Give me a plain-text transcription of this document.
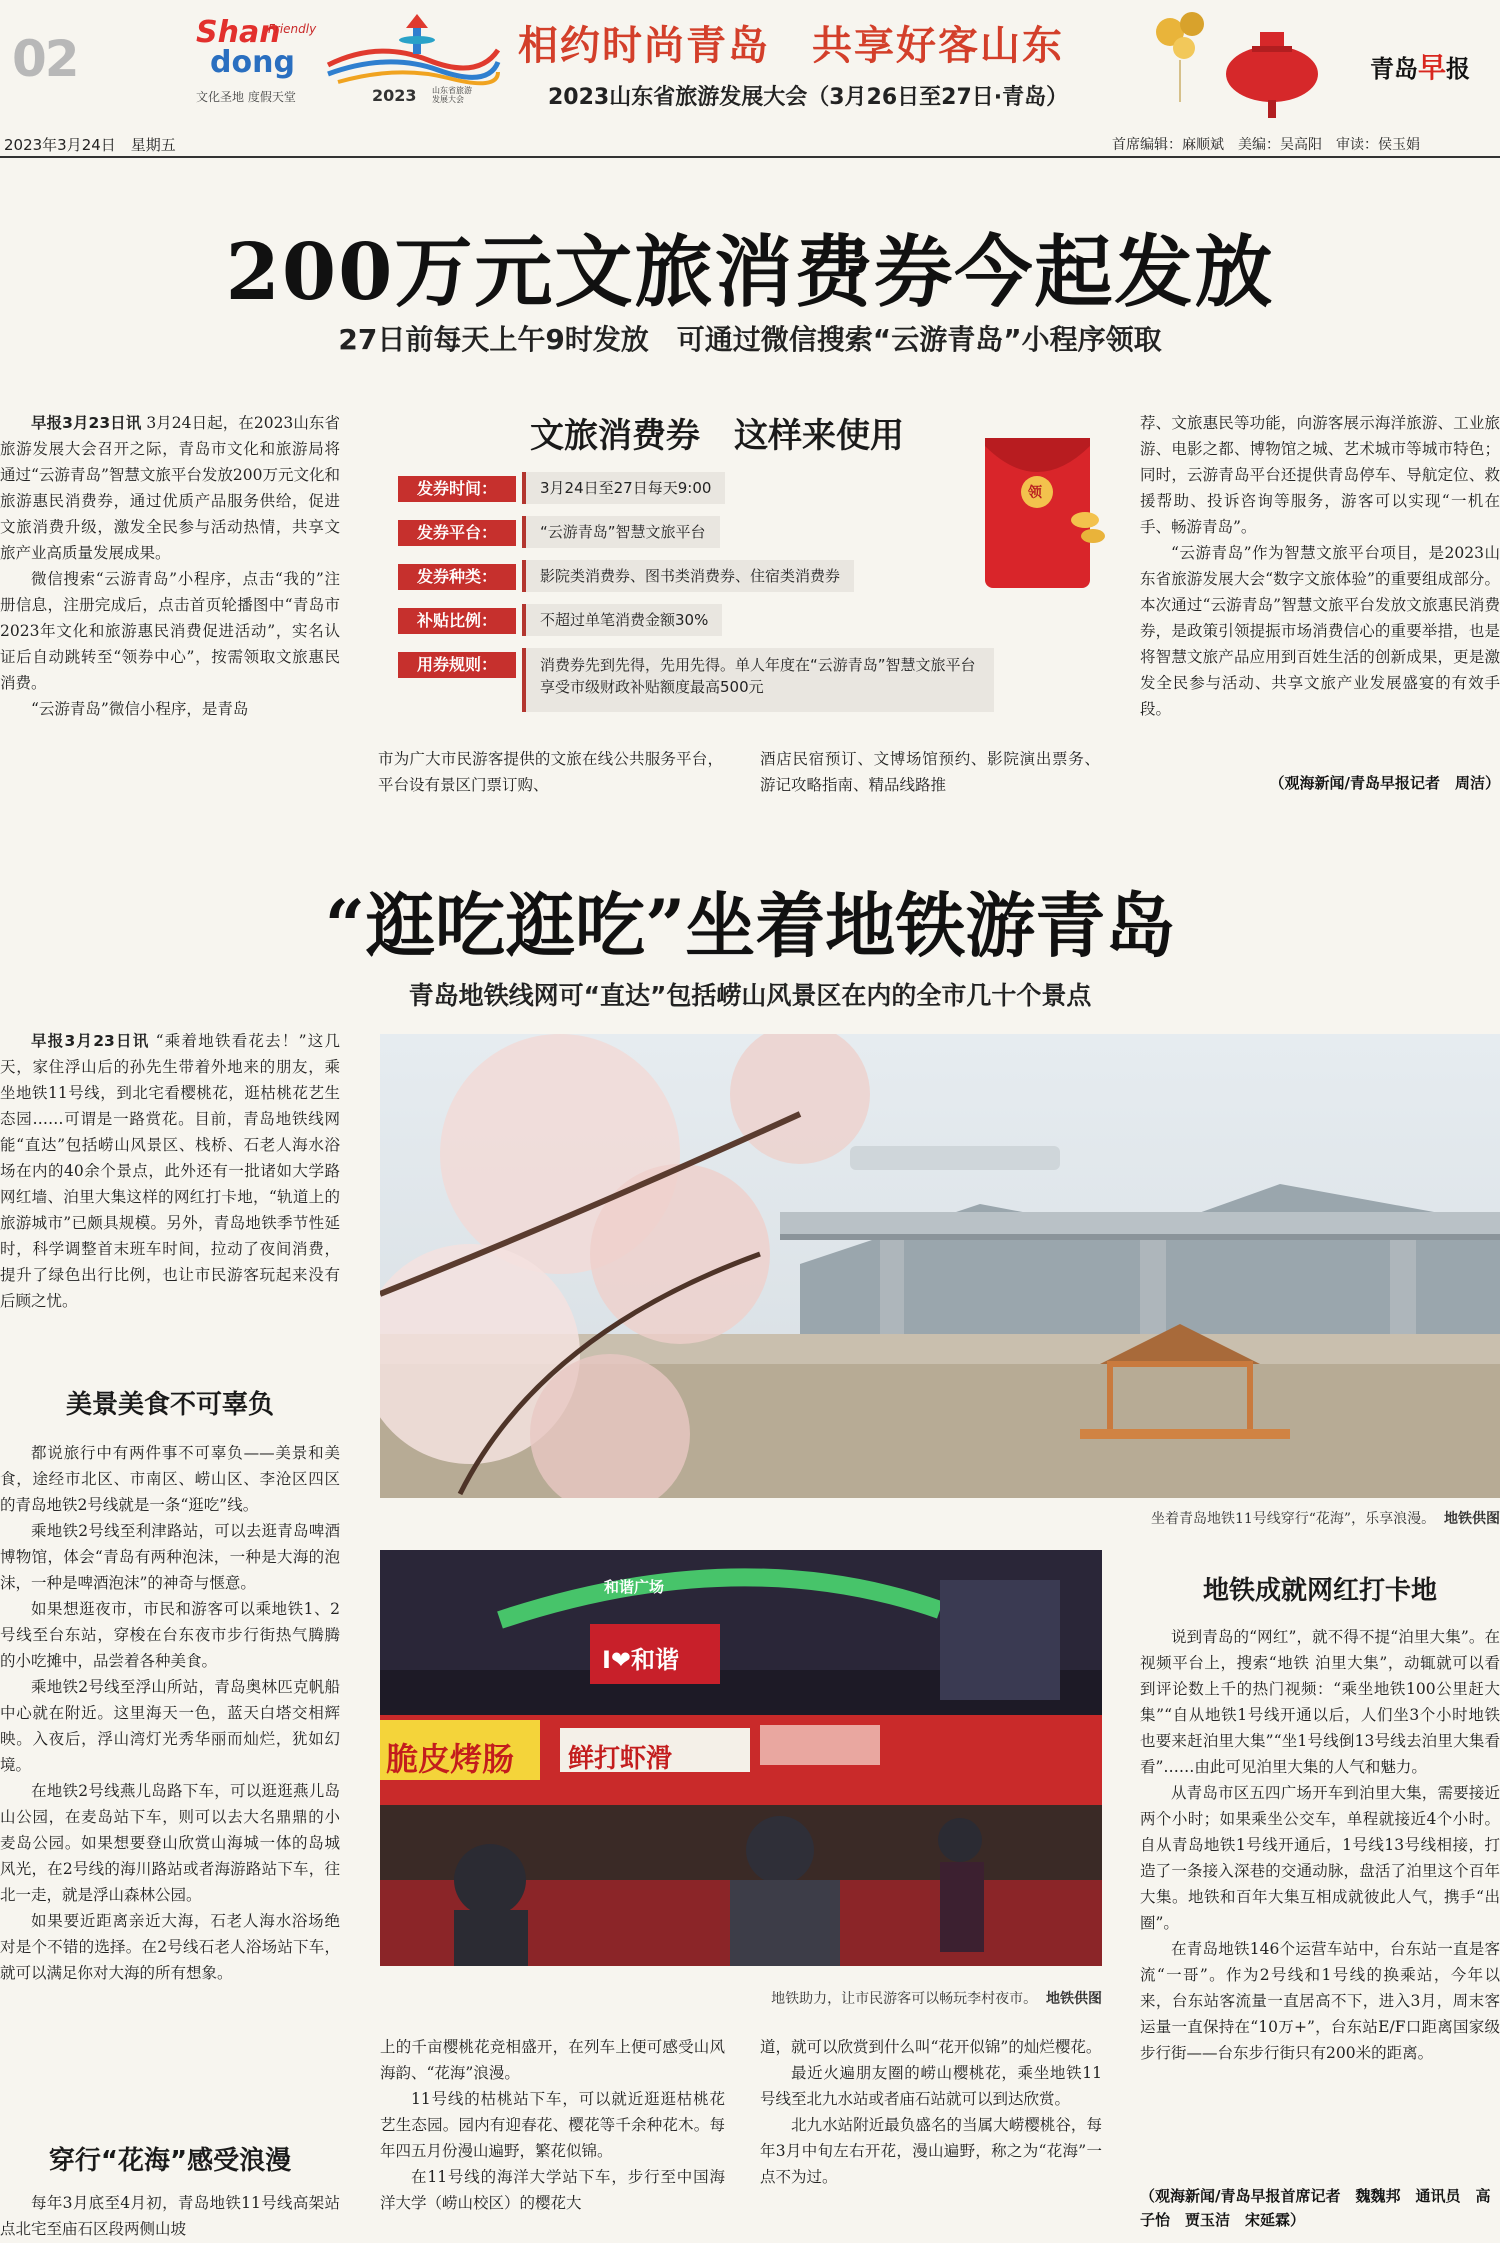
02
Friendly
Shan
dong
文化圣地 度假天堂	2023 山东省旅游发展大会
相约时尚青岛　共享好客山东
2023山东省旅游发展大会（3月26日至27日·青岛）
青岛早报
2023年3月24日　星期五	首席编辑：麻顺斌　美编：吴高阳　审读：侯玉娟
200万元文旅消费券今起发放
27日前每天上午9时发放　可通过微信搜索“云游青岛”小程序领取

早报3月23日讯 3月24日起，在2023山东省旅游发展大会召开之际，青岛市文化和旅游局将通过“云游青岛”智慧文旅平台发放200万元文化和旅游惠民消费券，通过优质产品服务供给，促进文旅消费升级，激发全民参与活动热情，共享文旅产业高质量发展成果。

微信搜索“云游青岛”小程序，点击“我的”注册信息，注册完成后，点击首页轮播图中“青岛市2023年文化和旅游惠民消费促进活动”，实名认证后自动跳转至“领券中心”，按需领取文旅惠民消费。

“云游青岛”微信小程序，是青岛

文旅消费券　这样来使用
发券时间：	3月24日至27日每天9:00
发券平台：	“云游青岛”智慧文旅平台
发券种类：	影院类消费券、图书类消费券、住宿类消费券
补贴比例：	不超过单笔消费金额30%
用券规则：	消费券先到先得，先用先得。单人年度在“云游青岛”智慧文旅平台享受市级财政补贴额度最高500元
领
市为广大市民游客提供的文旅在线公共服务平台，平台设有景区门票订购、
酒店民宿预订、文博场馆预约、影院演出票务、游记攻略指南、精品线路推
荐、文旅惠民等功能，向游客展示海洋旅游、工业旅游、电影之都、博物馆之城、艺术城市等城市特色；同时，云游青岛平台还提供青岛停车、导航定位、救援帮助、投诉咨询等服务，游客可以实现“一机在手、畅游青岛”。

“云游青岛”作为智慧文旅平台项目，是2023山东省旅游发展大会“数字文旅体验”的重要组成部分。本次通过“云游青岛”智慧文旅平台发放文旅惠民消费券，是政策引领提振市场消费信心的重要举措，也是将智慧文旅产品应用到百姓生活的创新成果，更是激发全民参与活动、共享文旅产业发展盛宴的有效手段。

（观海新闻/青岛早报记者　周洁）
“逛吃逛吃”坐着地铁游青岛
青岛地铁线网可“直达”包括崂山风景区在内的全市几十个景点

早报3月23日讯 “乘着地铁看花去！”这几天，家住浮山后的孙先生带着外地来的朋友，乘坐地铁11号线，到北宅看樱桃花，逛枯桃花艺生态园……可谓是一路赏花。目前，青岛地铁线网能“直达”包括崂山风景区、栈桥、石老人海水浴场在内的40余个景点，此外还有一批诸如大学路网红墙、泊里大集这样的网红打卡地，“轨道上的旅游城市”已颇具规模。另外，青岛地铁季节性延时，科学调整首末班车时间，拉动了夜间消费，提升了绿色出行比例，也让市民游客玩起来没有后顾之忧。

美景美食不可辜负

都说旅行中有两件事不可辜负——美景和美食，途经市北区、市南区、崂山区、李沧区四区的青岛地铁2号线就是一条“逛吃”线。

乘地铁2号线至利津路站，可以去逛青岛啤酒博物馆，体会“青岛有两种泡沫，一种是大海的泡沫，一种是啤酒泡沫”的神奇与惬意。

如果想逛夜市，市民和游客可以乘地铁1、2号线至台东站，穿梭在台东夜市步行街热气腾腾的小吃摊中，品尝着各种美食。

乘地铁2号线至浮山所站，青岛奥林匹克帆船中心就在附近。这里海天一色，蓝天白塔交相辉映。入夜后，浮山湾灯光秀华丽而灿烂，犹如幻境。

在地铁2号线燕儿岛路下车，可以逛逛燕儿岛山公园，在麦岛站下车，则可以去大名鼎鼎的小麦岛公园。如果想要登山欣赏山海城一体的岛城风光，在2号线的海川路站或者海游路站下车，往北一走，就是浮山森林公园。

如果要近距离亲近大海，石老人海水浴场绝对是个不错的选择。在2号线石老人浴场站下车，就可以满足你对大海的所有想象。

穿行“花海”感受浪漫

每年3月底至4月初，青岛地铁11号线高架站点北宅至庙石区段两侧山坡

坐着青岛地铁11号线穿行“花海”，乐享浪漫。 地铁供图
和谐广场
I❤和谐
脆皮烤肠 鲜打虾滑
地铁助力，让市民游客可以畅玩李村夜市。 地铁供图
上的千亩樱桃花竞相盛开，在列车上便可感受山风海韵、“花海”浪漫。

11号线的枯桃站下车，可以就近逛逛枯桃花艺生态园。园内有迎春花、樱花等千余种花木。每年四五月份漫山遍野，繁花似锦。

在11号线的海洋大学站下车，步行至中国海洋大学（崂山校区）的樱花大

道，就可以欣赏到什么叫“花开似锦”的灿烂樱花。

最近火遍朋友圈的崂山樱桃花，乘坐地铁11号线至北九水站或者庙石站就可以到达欣赏。

北九水站附近最负盛名的当属大崂樱桃谷，每年3月中旬左右开花，漫山遍野，称之为“花海”一点不为过。

地铁成就网红打卡地

说到青岛的“网红”，就不得不提“泊里大集”。在视频平台上，搜索“地铁 泊里大集”，动辄就可以看到评论数上千的热门视频：“乘坐地铁100公里赶大集”“自从地铁1号线开通以后，人们坐3个小时地铁也要来赶泊里大集”“坐1号线倒13号线去泊里大集看看”……由此可见泊里大集的人气和魅力。

从青岛市区五四广场开车到泊里大集，需要接近两个小时；如果乘坐公交车，单程就接近4个小时。自从青岛地铁1号线开通后，1号线13号线相接，打造了一条接入深巷的交通动脉，盘活了泊里这个百年大集。地铁和百年大集互相成就彼此人气，携手“出圈”。

在青岛地铁146个运营车站中，台东站一直是客流“一哥”。作为2号线和1号线的换乘站，今年以来，台东站客流量一直居高不下，进入3月，周末客运量一直保持在“10万+”，台东站E/F口距离国家级步行街——台东步行街只有200米的距离。

（观海新闻/青岛早报首席记者　魏魏邦　通讯员　高子怡　贾玉洁　宋延霖）
